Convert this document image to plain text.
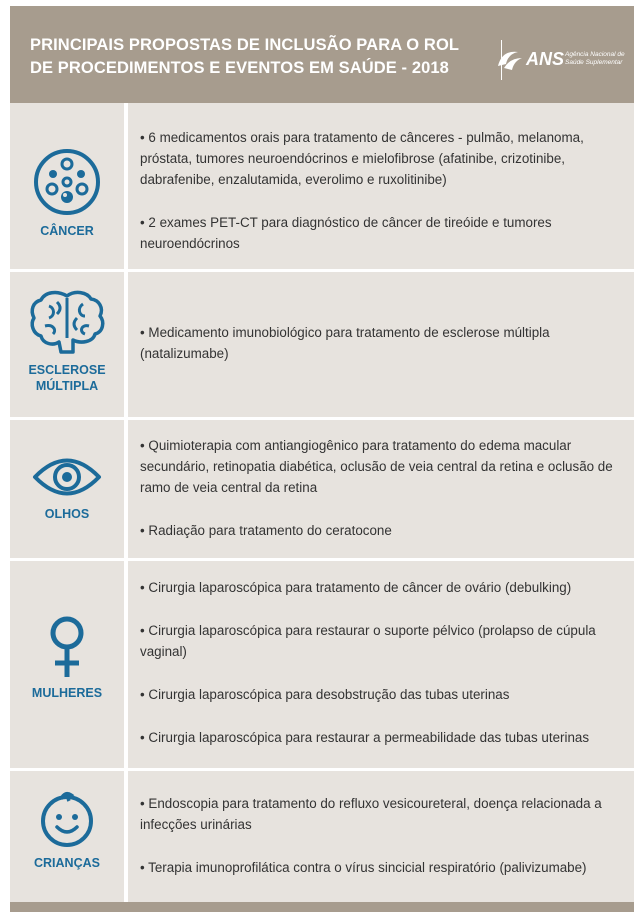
PRINCIPAIS PROPOSTAS DE INCLUSÃO PARA O ROL
DE PROCEDIMENTOS E EVENTOS EM SAÚDE - 2018	ANS Agência Nacional de
Saúde Suplementar
CÂNCER
• 6 medicamentos orais para tratamento de cânceres - pulmão, melanoma, próstata, tumores neuroendócrinos e mielofibrose (afatinibe, crizotinibe, dabrafenibe, enzalutamida, everolimo e ruxolitinibe)
• 2 exames PET-CT para diagnóstico de câncer de tireóide e tumores neuroendócrinos
ESCLEROSE
MÚLTIPLA
• Medicamento imunobiológico para tratamento de esclerose múltipla (natalizumabe)
OLHOS
• Quimioterapia com antiangiogênico para tratamento do edema macular secundário, retinopatia diabética, oclusão de veia central da retina e oclusão de ramo de veia central da retina
• Radiação para tratamento do ceratocone
MULHERES
• Cirurgia laparoscópica para tratamento de câncer de ovário (debulking)
• Cirurgia laparoscópica para restaurar o suporte pélvico (prolapso de cúpula vaginal)
• Cirurgia laparoscópica para desobstrução das tubas uterinas
• Cirurgia laparoscópica para restaurar a permeabilidade das tubas uterinas
CRIANÇAS
• Endoscopia para tratamento do refluxo vesicoureteral, doença relacionada a infecções urinárias
• Terapia imunoprofilática contra o vírus sincicial respiratório (palivizumabe)
